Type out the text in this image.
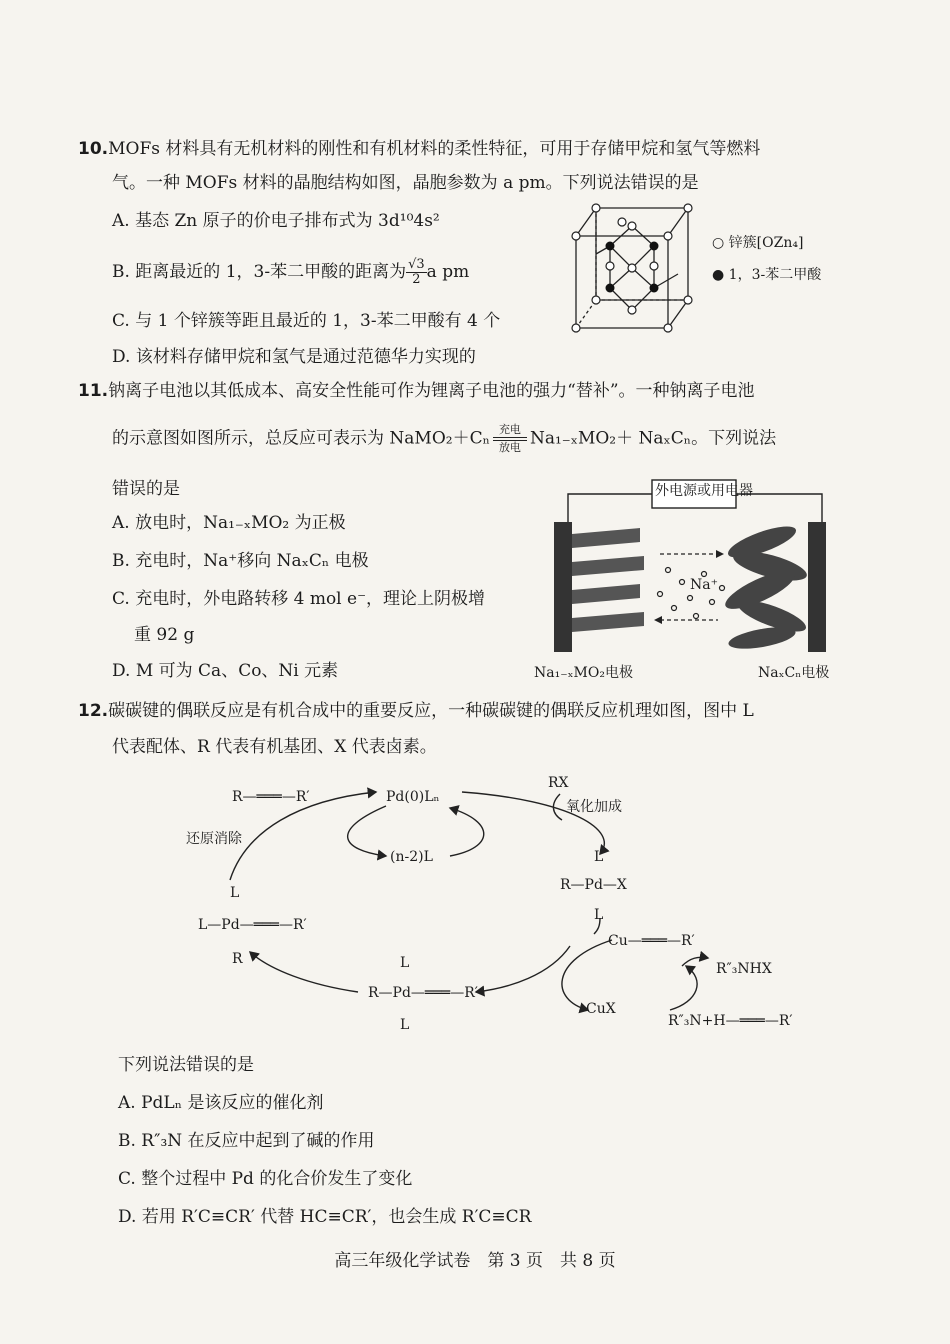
10.MOFs 材料具有无机材料的刚性和有机材料的柔性特征，可用于存储甲烷和氢气等燃料
气。一种 MOFs 材料的晶胞结构如图，晶胞参数为 a pm。下列说法错误的是
A. 基态 Zn 原子的价电子排布式为 3d¹⁰4s²
B. 距离最近的 1，3-苯二甲酸的距离为 $\frac{√3}{2}$ a pm
C. 与 1 个锌簇等距且最近的 1，3-苯二甲酸有 4 个
D. 该材料存储甲烷和氢气是通过范德华力实现的
○ 锌簇[OZn₄]
● 1，3-苯二甲酸
11.钠离子电池以其低成本、高安全性能可作为锂离子电池的强力“替补”。一种钠离子电池
的示意图如图所示，总反应可表示为 NaMO₂＋Cₙ 充电
放电 Na₁₋ₓMO₂＋ NaₓCₙ。下列说法
错误的是
A. 放电时，Na₁₋ₓMO₂ 为正极
B. 充电时，Na⁺移向 NaₓCₙ 电极
C. 充电时，外电路转移 4 mol e⁻，理论上阴极增
重 92 g
D. M 可为 Ca、Co、Ni 元素
外电源或用电器
Na⁺
Na₁₋ₓMO₂电极	NaₓCₙ电极
12.碳碳键的偶联反应是有机合成中的重要反应，一种碳碳键的偶联反应机理如图，图中 L
代表配体、R 代表有机基团、X 代表卤素。
R—═══—R′	Pd(0)Lₙ
RX
氧化加成
还原消除
(n-2)L	L
R—Pd—X
L
Cu—═══—R′
R″₃NHX
CuX
R″₃N+H—═══—R′
L
L—Pd—═══—R′
R	L
R—Pd—═══—R′
L
下列说法错误的是
A. PdLₙ 是该反应的催化剂
B. R″₃N 在反应中起到了碱的作用
C. 整个过程中 Pd 的化合价发生了变化
D. 若用 R′C≡CR′ 代替 HC≡CR′，也会生成 R′C≡CR
高三年级化学试卷　第 3 页　共 8 页
